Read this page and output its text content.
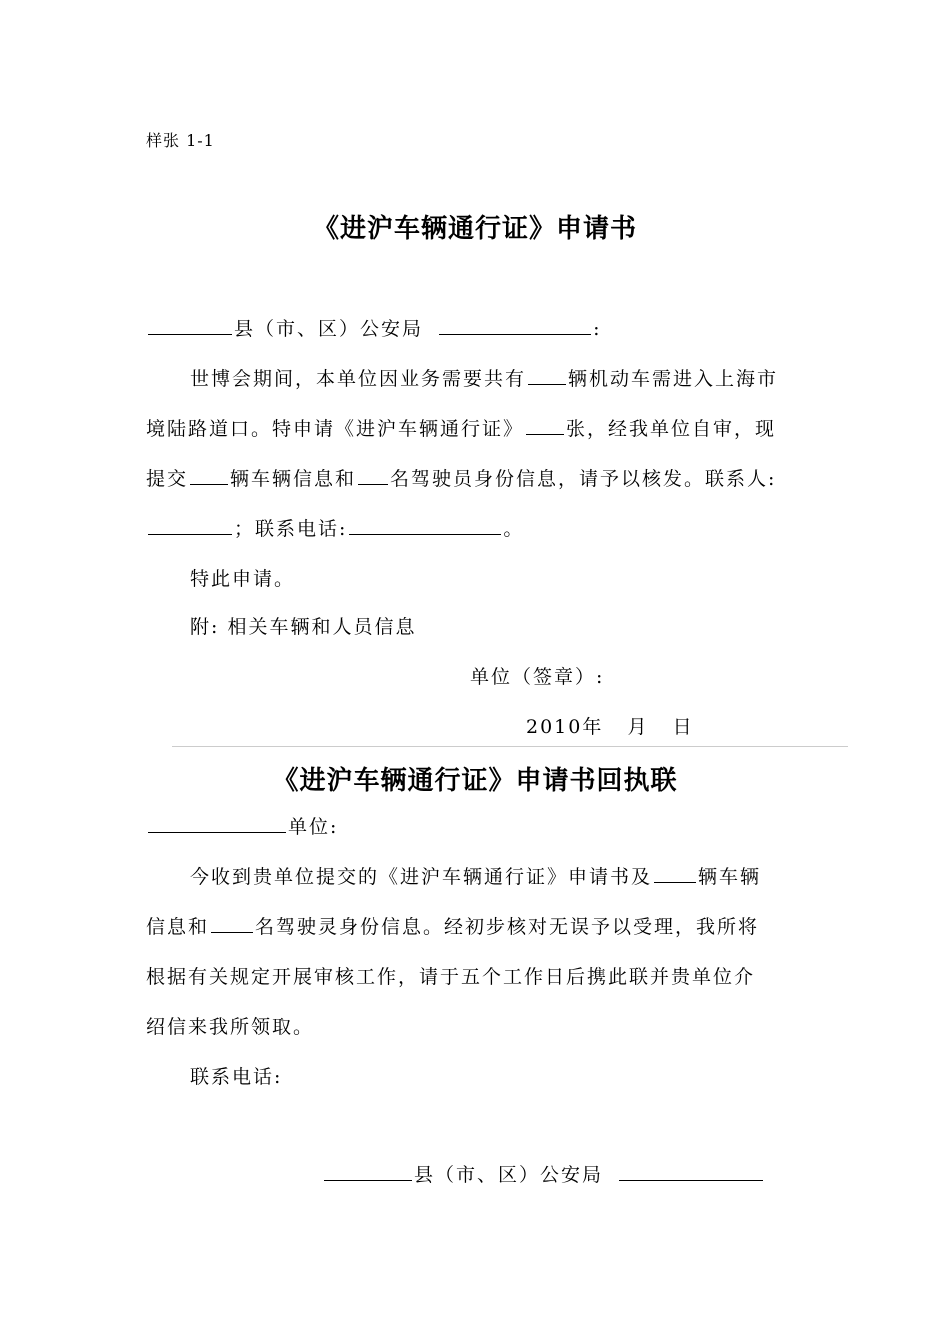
样张 1-1
《进沪车辆通行证》申请书
县（市、区）公安局	:
世博会期间，本单位因业务需要共有 辆机动车需进入上海市
境陆路道口。特申请《进沪车辆通行证》 张，经我单位自审，现
提交 辆车辆信息和 名驾驶员身份信息，请予以核发。联系人:
；联系电话:	。
特此申请。
附: 相关车辆和人员信息
单位（签章）:
2010年   月   日
《进沪车辆通行证》申请书回执联
单位:
今收到贵单位提交的《进沪车辆通行证》申请书及 辆车辆
信息和 名驾驶灵身份信息。经初步核对无误予以受理，我所将
根据有关规定开展审核工作，请于五个工作日后携此联并贵单位介
绍信来我所领取。
联系电话:
县（市、区）公安局
